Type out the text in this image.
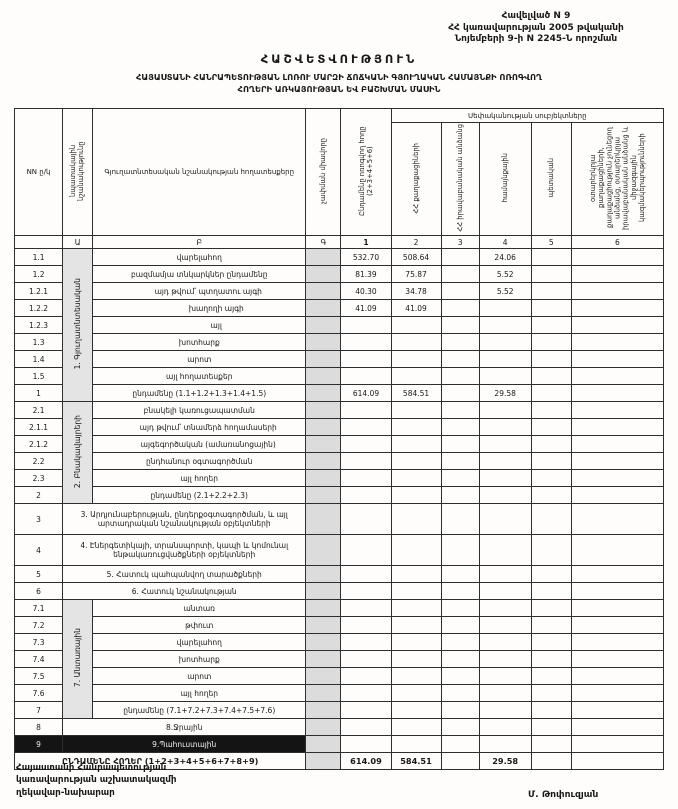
Հավելված N 9
ՀՀ կառավարության 2005 թվականի
Նոյեմբերի 9-ի N 2245-Ն որոշման
ՀԱՇՎԵՏՎՈՒԹՅՈՒՆ
ՀԱՅԱՍՏԱՆԻ ՀԱՆՐԱՊԵՏՈՒԹՅԱՆ ԼՈՌՈՒ ՄԱՐԶԻ ՃՈՃԿԱՆԻ ԳՅՈՒՂԱԿԱՆ ՀԱՄԱՅՆՔԻ ՈՌՈԳՎՈՂ
ՀՈՂԵՐԻ ԱՌԿԱՅՈՒԹՅԱՆ ԵՎ ԲԱՇԽՄԱՆ ՄԱՍԻՆ
NN ը/կ	նպատակային նշանակությունը	Գյուղատնտեսական նշանակության հողատեսքերը	չափման միավորը	Ընդամենը ոռոգվող հողը (2+3+4+5+6)	Սեփականության սուբյեկտները				
					ՀՀ քաղաքացիների	ՀՀ իրավաբանական անձանց	համայնքային	պետական	օտարերկրյա քաղաքացիների, քաղաքացիություն չունեցող անձանց, օտարերկրյա իրավաբանական անձանց և միջազգային կազմակերպությունների
	Ա	Բ	Գ	1	2	3	4	5	6
1.1	1. Գյուղատնտեսական	վարելահող		532.70	508.64		24.06		
1.2		բազմամյա տնկարկներ ընդամենը		81.39	75.87		5.52		
1.2.1		այդ թվում՝ պտղատու այգի		40.30	34.78		5.52		
1.2.2		խաղողի այգի		41.09	41.09				
1.2.3		այլ							
1.3		խոտհարք							
1.4		արոտ							
1.5		այլ հողատեսքեր							
1		ընդամենը (1.1+1.2+1.3+1.4+1.5)		614.09	584.51		29.58		
2.1	2. Բնակավայրերի	բնակելի կառուցապատման							
2.1.1		այդ թվում՝ տնամերձ հողամասերի							
2.1.2		այգեգործական (ամառանոցային)							
2.2		ընդհանուր օգտագործման							
2.3		այլ հողեր							
2		ընդամենը (2.1+2.2+2.3)							
3	3. Արդյունաբերության, ընդերքօգտագործման, և այլ արտադրական նշանակության օբյեկտների								
4	4. Էներգետիկայի, տրանսպորտի, կապի և կոմունալ ենթակառուցվածքների օբյեկտների								
5	5. Հատուկ պահպանվող տարածքների								
6	6. Հատուկ նշանակության								
7.1	7. Անտառային	անտառ							
7.2		թփուտ							
7.3		վարելահող							
7.4		խոտհարք							
7.5		արոտ							
7.6		այլ հողեր							
7		ընդամենը (7.1+7.2+7.3+7.4+7.5+7.6)							
8	8.Ջրային								
9	9.Պահուստային								
ԸՆԴԱՄԵՆԸ ՀՈՂԵՐ (1+2+3+4+5+6+7+8+9)				614.09	584.51		29.58		
Հայաստանի Հանրապետության
կառավարության աշխատակազմի
ղեկավար-նախարար	Մ. Թոփուզյան
